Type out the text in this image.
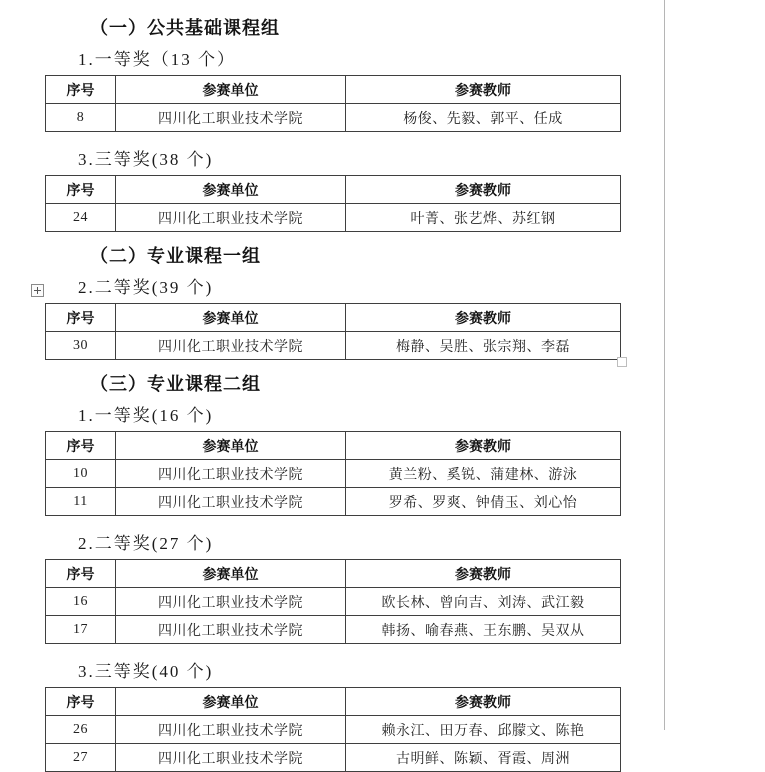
（一）公共基础课程组
1.一等奖（13 个）
序号	参赛单位	参赛教师
8	四川化工职业技术学院	杨俊、先毅、郭平、任成
3.三等奖(38 个)
序号	参赛单位	参赛教师
24	四川化工职业技术学院	叶菁、张艺烨、苏红钢
（二）专业课程一组
2.二等奖(39 个)
序号	参赛单位	参赛教师
30	四川化工职业技术学院	梅静、吴胜、张宗翔、李磊
（三）专业课程二组
1.一等奖(16 个)
序号	参赛单位	参赛教师
10	四川化工职业技术学院	黄兰粉、奚锐、蒲建林、游泳
11	四川化工职业技术学院	罗希、罗爽、钟倩玉、刘心怡
2.二等奖(27 个)
序号	参赛单位	参赛教师
16	四川化工职业技术学院	欧长林、曾向吉、刘涛、武江毅
17	四川化工职业技术学院	韩扬、喻春燕、王东鹏、吴双从
3.三等奖(40 个)
序号	参赛单位	参赛教师
26	四川化工职业技术学院	赖永江、田万春、邱朦文、陈艳
27	四川化工职业技术学院	古明鲜、陈颖、胥霞、周洲
